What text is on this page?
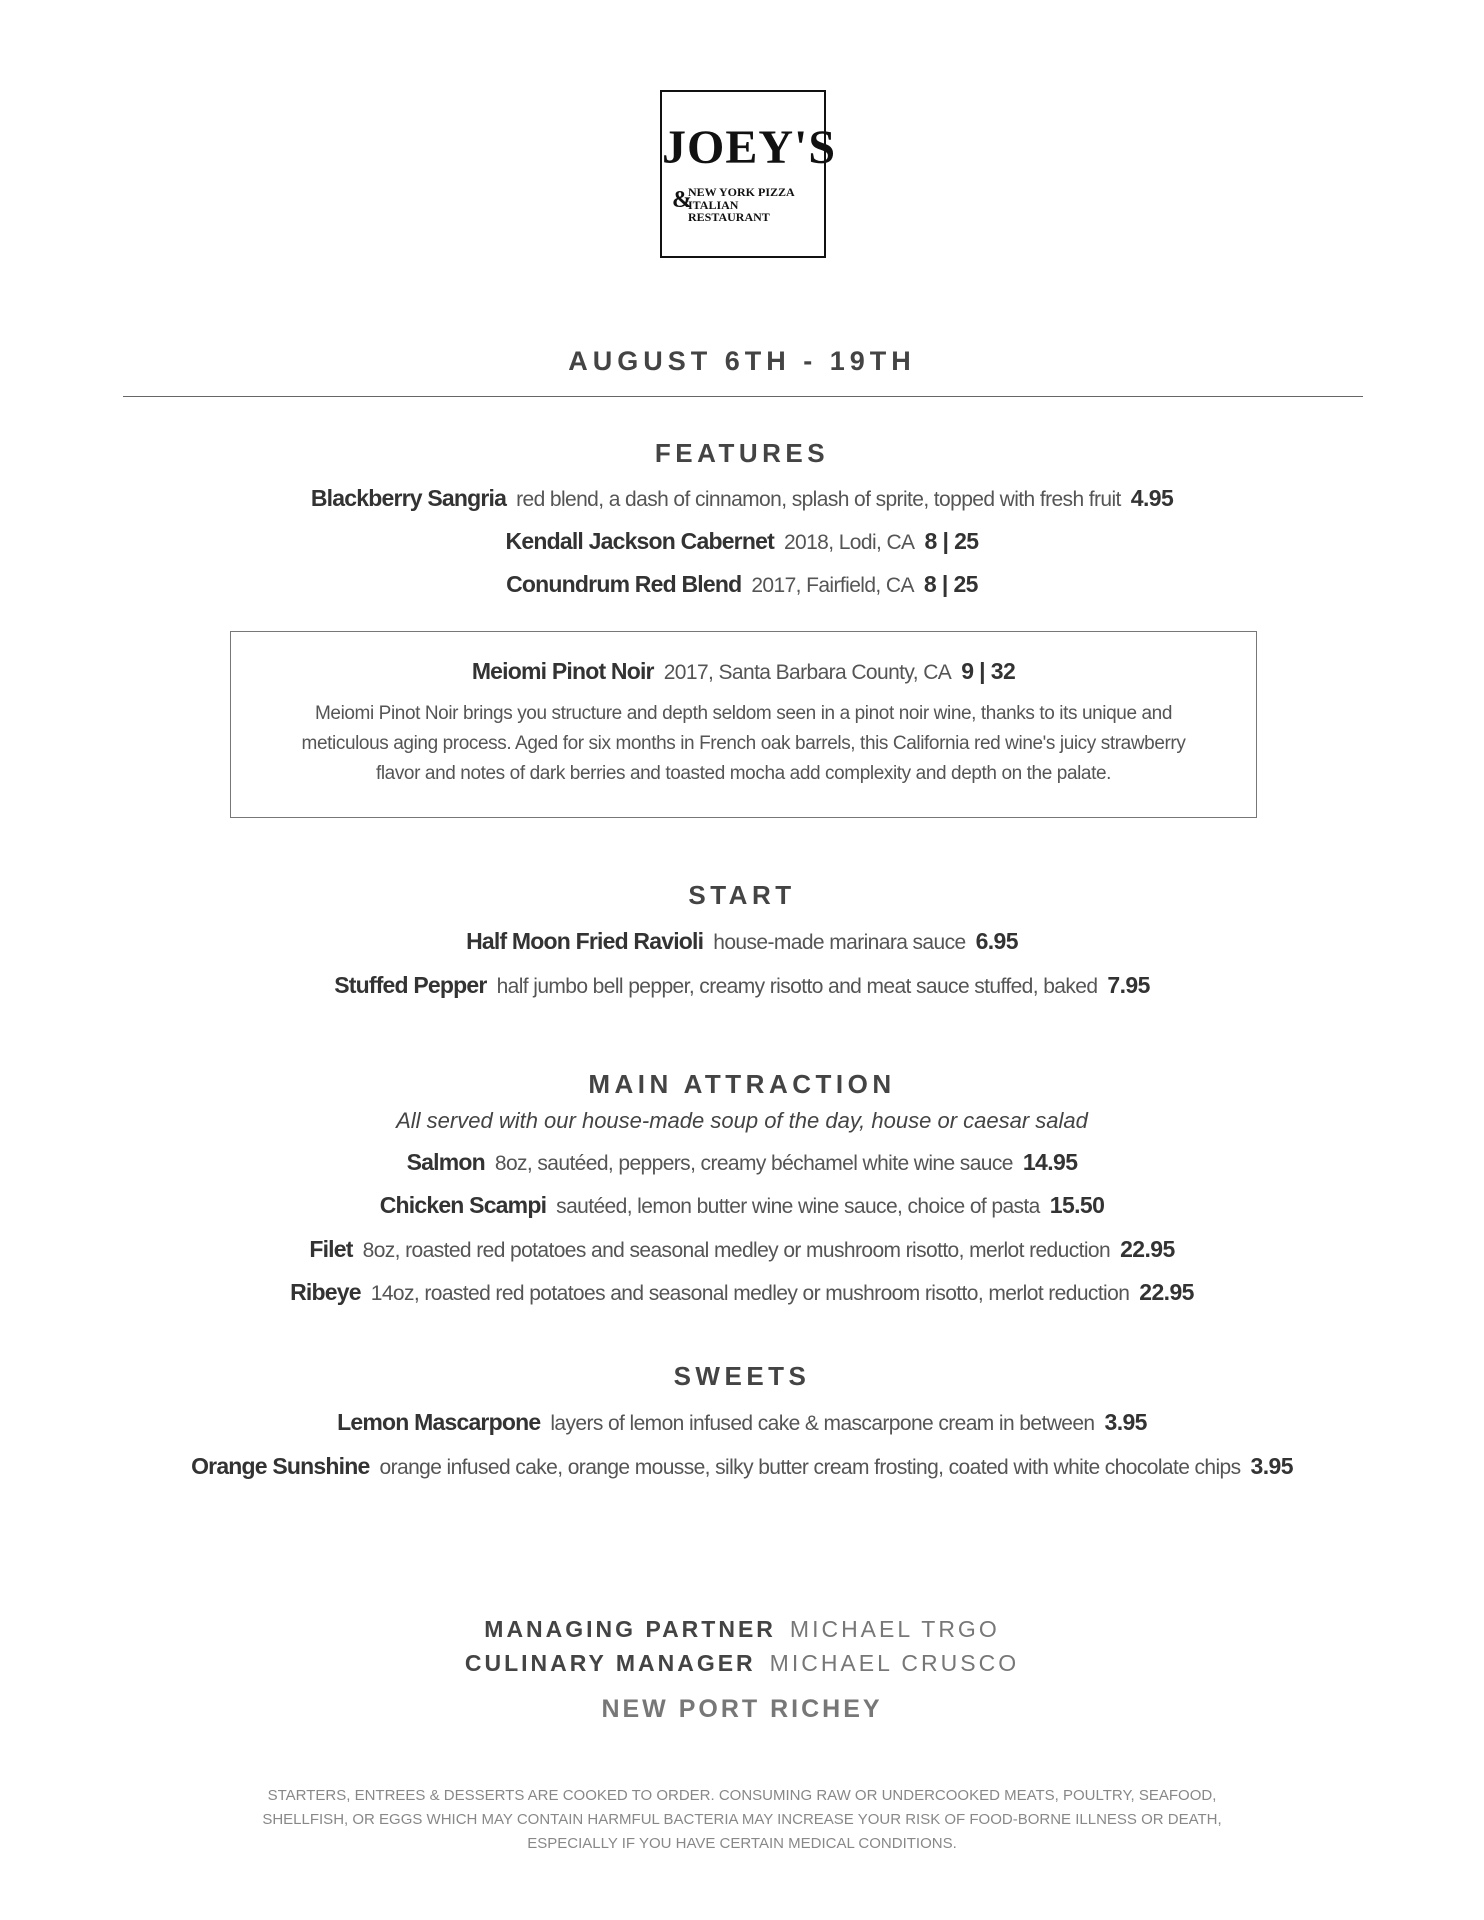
JOEY'S
&
NEW YORK PIZZA
ITALIAN RESTAURANT
AUGUST 6TH - 19TH
FEATURES
Blackberry Sangria red blend, a dash of cinnamon, splash of sprite, topped with fresh fruit 4.95
Kendall Jackson Cabernet 2018, Lodi, CA 8 | 25
Conundrum Red Blend 2017, Fairfield, CA 8 | 25
Meiomi Pinot Noir 2017, Santa Barbara County, CA 9 | 32
Meiomi Pinot Noir brings you structure and depth seldom seen in a pinot noir wine, thanks to its unique and
meticulous aging process. Aged for six months in French oak barrels, this California red wine's juicy strawberry
flavor and notes of dark berries and toasted mocha add complexity and depth on the palate.
START
Half Moon Fried Ravioli house-made marinara sauce 6.95
Stuffed Pepper half jumbo bell pepper, creamy risotto and meat sauce stuffed, baked 7.95
MAIN ATTRACTION
All served with our house-made soup of the day, house or caesar salad
Salmon 8oz, sautéed, peppers, creamy béchamel white wine sauce 14.95
Chicken Scampi sautéed, lemon butter wine wine sauce, choice of pasta 15.50
Filet 8oz, roasted red potatoes and seasonal medley or mushroom risotto, merlot reduction 22.95
Ribeye 14oz, roasted red potatoes and seasonal medley or mushroom risotto, merlot reduction 22.95
SWEETS
Lemon Mascarpone layers of lemon infused cake & mascarpone cream in between 3.95
Orange Sunshine orange infused cake, orange mousse, silky butter cream frosting, coated with white chocolate chips 3.95
MANAGING PARTNER MICHAEL TRGO
CULINARY MANAGER MICHAEL CRUSCO
NEW PORT RICHEY
STARTERS, ENTREES & DESSERTS ARE COOKED TO ORDER. CONSUMING RAW OR UNDERCOOKED MEATS, POULTRY, SEAFOOD,
SHELLFISH, OR EGGS WHICH MAY CONTAIN HARMFUL BACTERIA MAY INCREASE YOUR RISK OF FOOD-BORNE ILLNESS OR DEATH,
ESPECIALLY IF YOU HAVE CERTAIN MEDICAL CONDITIONS.
